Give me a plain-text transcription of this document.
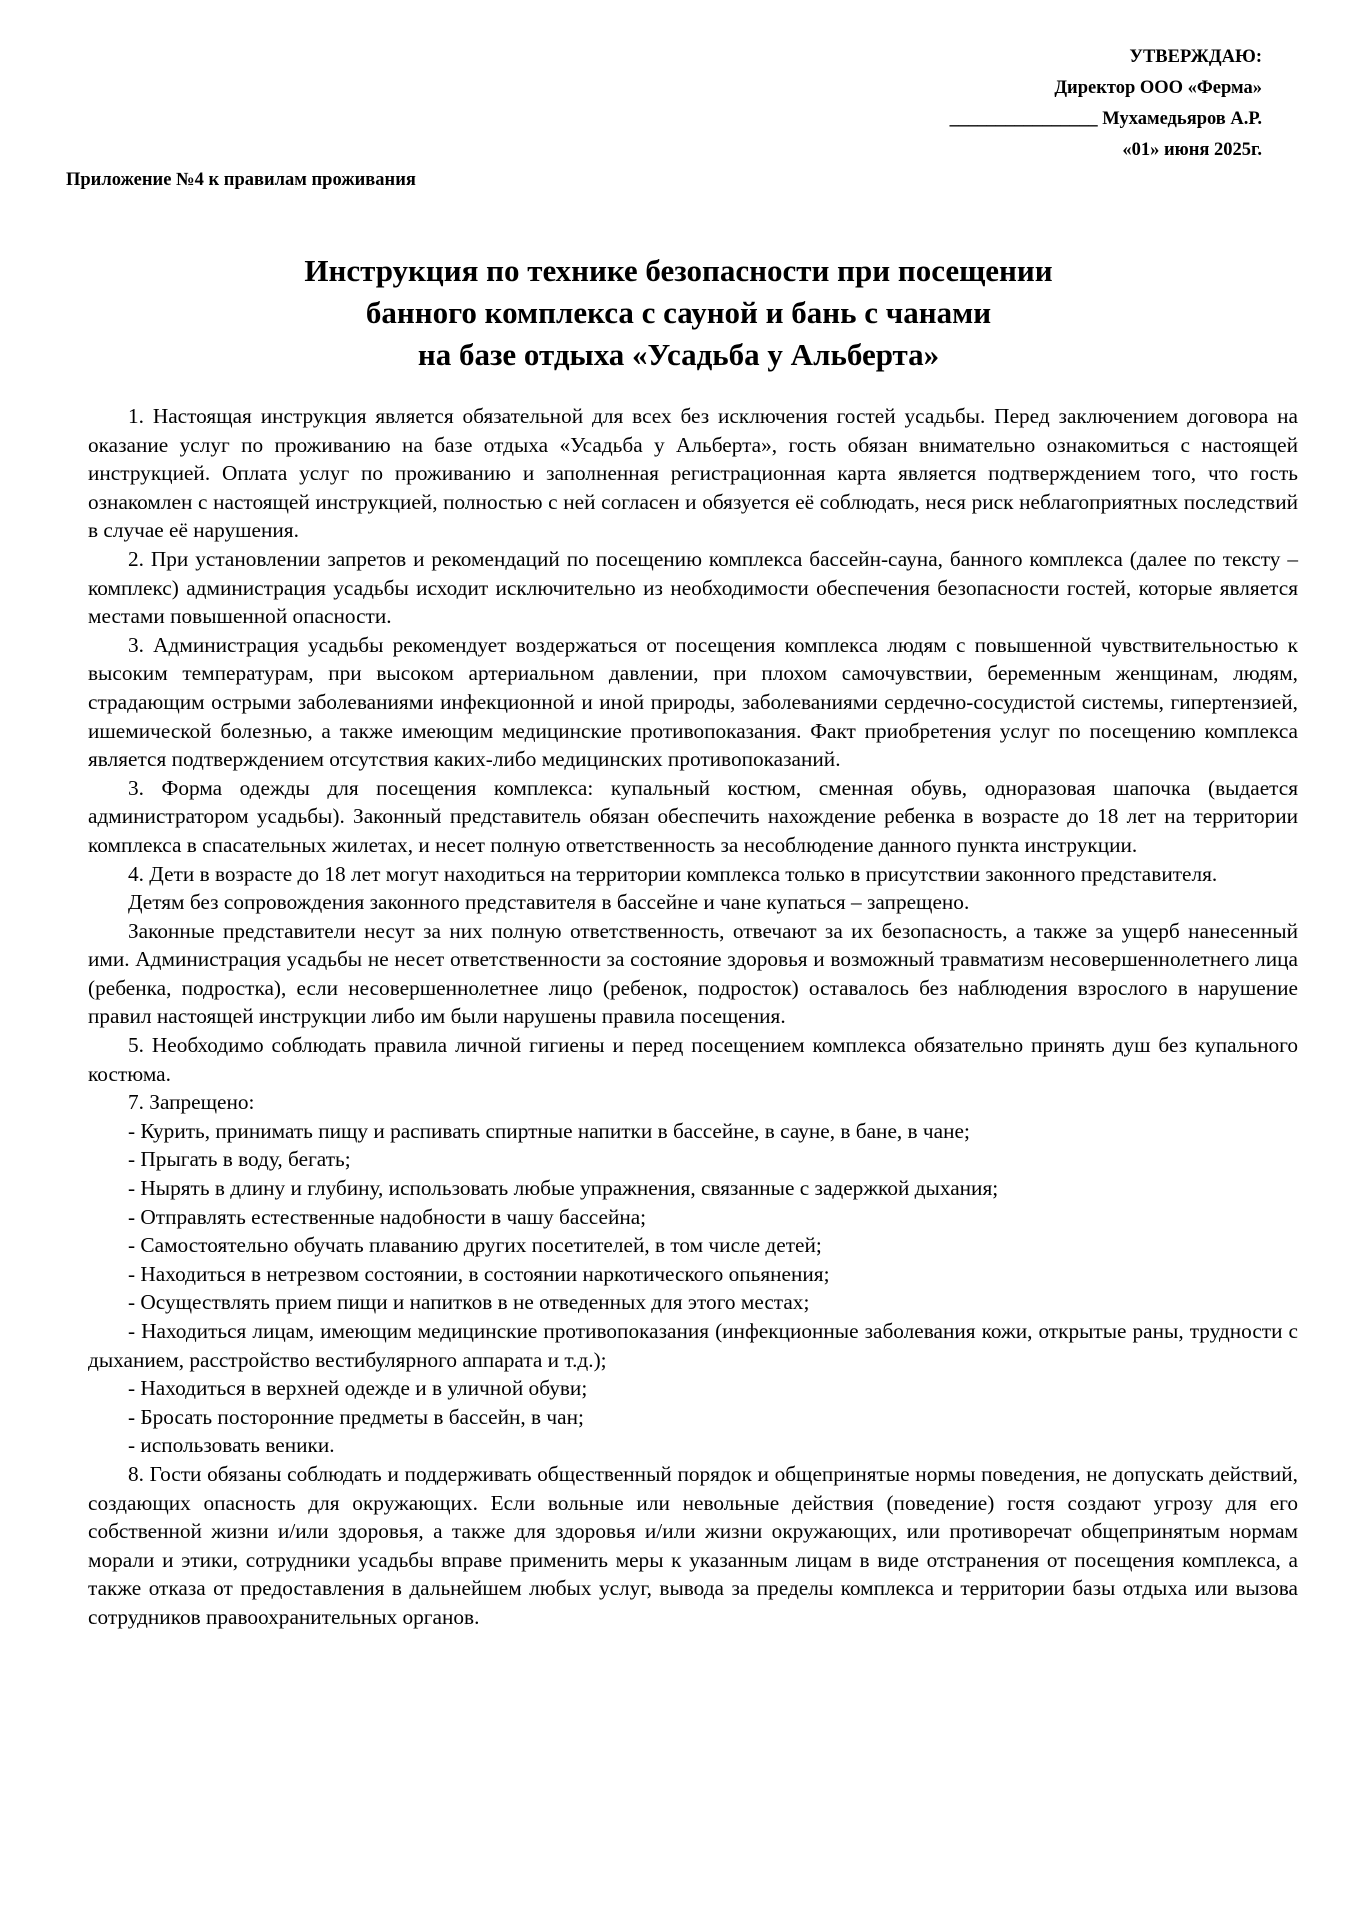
УТВЕРЖДАЮ:
Директор ООО «Ферма»
________________ Мухамедьяров А.Р.
«01» июня 2025г.
Приложение №4 к правилам проживания
Инструкция по технике безопасности при посещении
банного комплекса с сауной и бань с чанами
на базе отдыха «Усадьба у Альберта»

1. Настоящая инструкция является обязательной для всех без исключения гостей усадьбы. Перед заключением договора на оказание услуг по проживанию на базе отдыха «Усадьба у Альберта», гость обязан внимательно ознакомиться с настоящей инструкцией. Оплата услуг по проживанию и заполненная регистрационная карта является подтверждением того, что гость ознакомлен с настоящей инструкцией, полностью с ней согласен и обязуется её соблюдать, неся риск неблагоприятных последствий в случае её нарушения.

2. При установлении запретов и рекомендаций по посещению комплекса бассейн-сауна, банного комплекса (далее по тексту – комплекс) администрация усадьбы исходит исключительно из необходимости обеспечения безопасности гостей, которые является местами повышенной опасности.

3. Администрация усадьбы рекомендует воздержаться от посещения комплекса людям с повышенной чувствительностью к высоким температурам, при высоком артериальном давлении, при плохом самочувствии, беременным женщинам, людям, страдающим острыми заболеваниями инфекционной и иной природы, заболеваниями сердечно-сосудистой системы, гипертензией, ишемической болезнью, а также имеющим медицинские противопоказания. Факт приобретения услуг по посещению комплекса является подтверждением отсутствия каких-либо медицинских противопоказаний.

3. Форма одежды для посещения комплекса: купальный костюм, сменная обувь, одноразовая шапочка (выдается администратором усадьбы). Законный представитель обязан обеспечить нахождение ребенка в возрасте до 18 лет на территории комплекса в спасательных жилетах, и несет полную ответственность за несоблюдение данного пункта инструкции.

4. Дети в возрасте до 18 лет могут находиться на территории комплекса только в присутствии законного представителя.

Детям без сопровождения законного представителя в бассейне и чане купаться – запрещено.

Законные представители несут за них полную ответственность, отвечают за их безопасность, а также за ущерб нанесенный ими. Администрация усадьбы не несет ответственности за состояние здоровья и возможный травматизм несовершеннолетнего лица (ребенка, подростка), если несовершеннолетнее лицо (ребенок, подросток) оставалось без наблюдения взрослого в нарушение правил настоящей инструкции либо им были нарушены правила посещения.

5. Необходимо соблюдать правила личной гигиены и перед посещением комплекса обязательно принять душ без купального костюма.

7. Запрещено:

- Курить, принимать пищу и распивать спиртные напитки в бассейне, в сауне, в бане, в чане;

- Прыгать в воду, бегать;

- Нырять в длину и глубину, использовать любые упражнения, связанные с задержкой дыхания;

- Отправлять естественные надобности в чашу бассейна;

- Самостоятельно обучать плаванию других посетителей, в том числе детей;

- Находиться в нетрезвом состоянии, в состоянии наркотического опьянения;

- Осуществлять прием пищи и напитков в не отведенных для этого местах;

- Находиться лицам, имеющим медицинские противопоказания (инфекционные заболевания кожи, открытые раны, трудности с дыханием, расстройство вестибулярного аппарата и т.д.);

- Находиться в верхней одежде и в уличной обуви;

- Бросать посторонние предметы в бассейн, в чан;

- использовать веники.

8. Гости обязаны соблюдать и поддерживать общественный порядок и общепринятые нормы поведения, не допускать действий, создающих опасность для окружающих. Если вольные или невольные действия (поведение) гостя создают угрозу для его собственной жизни и/или здоровья, а также для здоровья и/или жизни окружающих, или противоречат общепринятым нормам морали и этики, сотрудники усадьбы вправе применить меры к указанным лицам в виде отстранения от посещения комплекса, а также отказа от предоставления в дальнейшем любых услуг, вывода за пределы комплекса и территории базы отдыха или вызова сотрудников правоохранительных органов.
